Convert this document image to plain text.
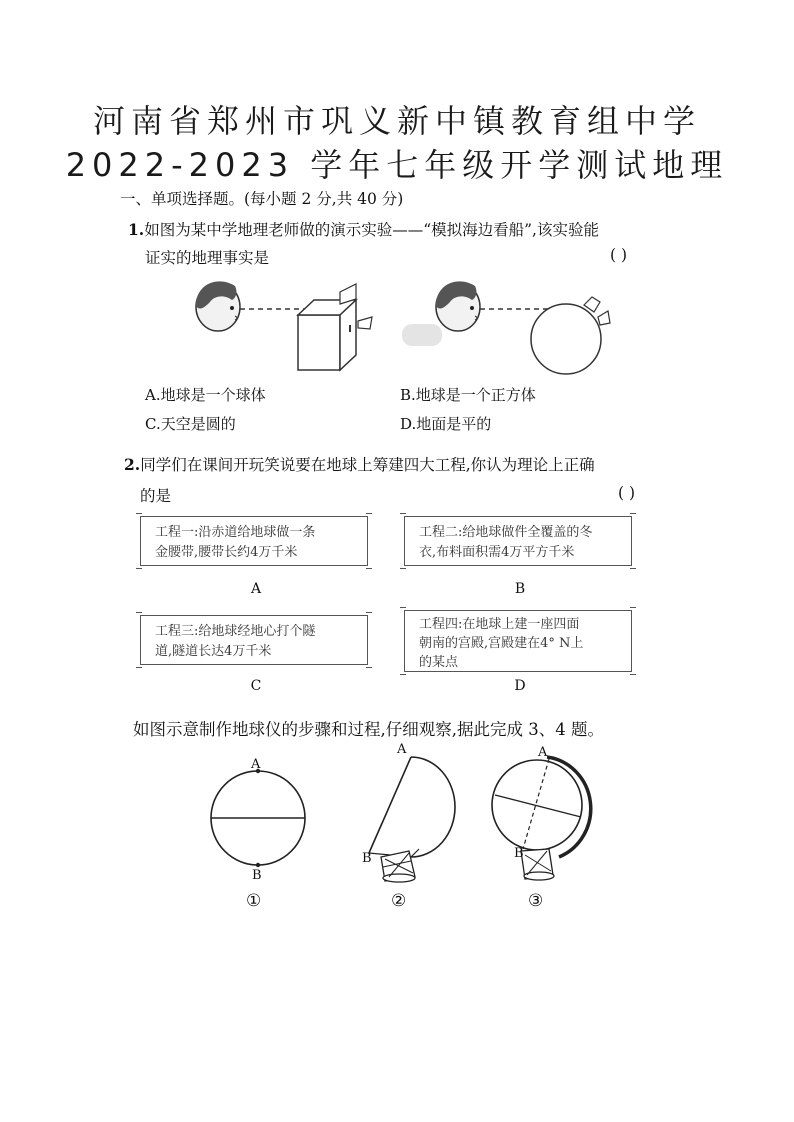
河南省郑州市巩义新中镇教育组中学
2022-2023 学年七年级开学测试地理
一、单项选择题。(每小题 2 分,共 40 分)
1.如图为某中学地理老师做的演示实验——“模拟海边看船”,该实验能
证实的地理事实是	( )
A.地球是一个球体	B.地球是一个正方体
C.天空是圆的	D.地面是平的
2.同学们在课间开玩笑说要在地球上筹建四大工程,你认为理论上正确
的是	( )
工程一:沿赤道给地球做一条
金腰带,腰带长约4万千米
A
工程二:给地球做件全覆盖的冬
衣,布料面积需4万平方千米
B
工程三:给地球经地心打个隧
道,隧道长达4万千米
C
工程四:在地球上建一座四面
朝南的宫殿,宫殿建在4° N上
的某点
D
如图示意制作地球仪的步骤和过程,仔细观察,据此完成 3、4 题。
A
B
①
A
B
②
A
B
③
